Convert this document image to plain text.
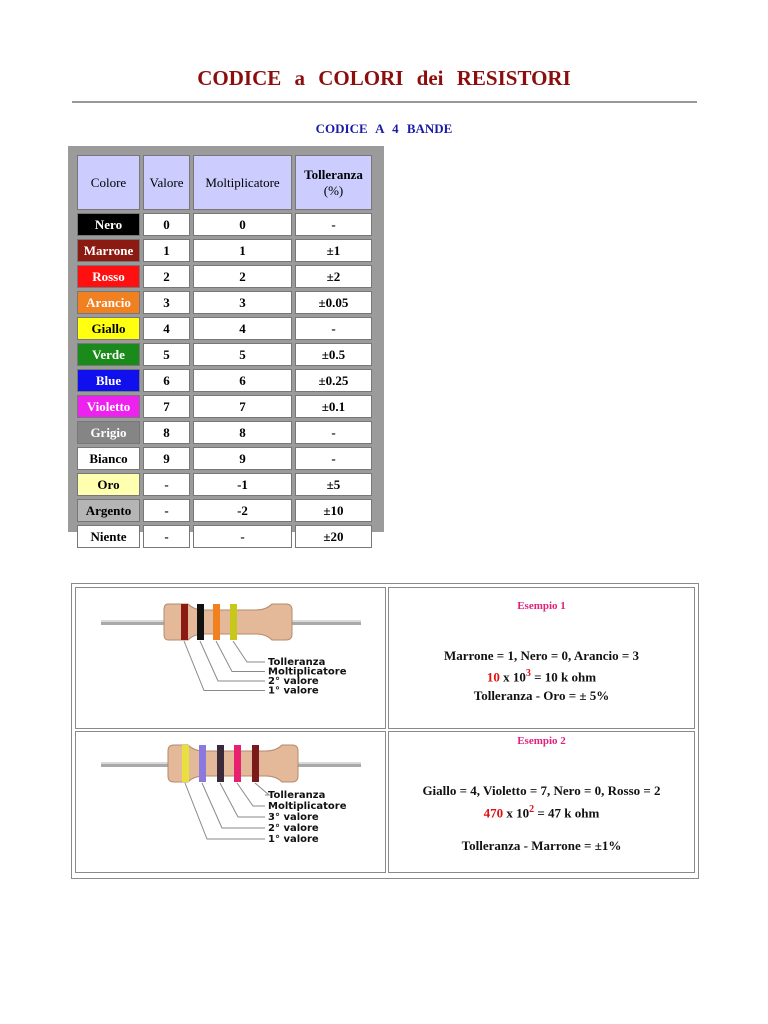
CODICE a COLORI dei RESISTORI
CODICE A 4 BANDE
Colore	Valore	Moltiplicatore	Tolleranza
(%)
Nero	0	0	-
Marrone	1	1	±1
Rosso	2	2	±2
Arancio	3	3	±0.05
Giallo	4	4	-
Verde	5	5	±0.5
Blue	6	6	±0.25
Violetto	7	7	±0.1
Grigio	8	8	-
Bianco	9	9	-
Oro	-	-1	±5
Argento	-	-2	±10
Niente	-	-	±20
Tolleranza
Moltiplicatore
2° valore
1° valore
Esempio 1
Marrone = 1, Nero = 0, Arancio = 3
10 x $10^3 = 10$ k ohm
Tolleranza - Oro = ± 5%
Tolleranza
Moltiplicatore
3° valore
2° valore
1° valore
Esempio 2
Giallo = 4, Violetto = 7, Nero = 0, Rosso = 2
470 x $10^2 = 47$ k ohm
Tolleranza - Marrone = ±1%
